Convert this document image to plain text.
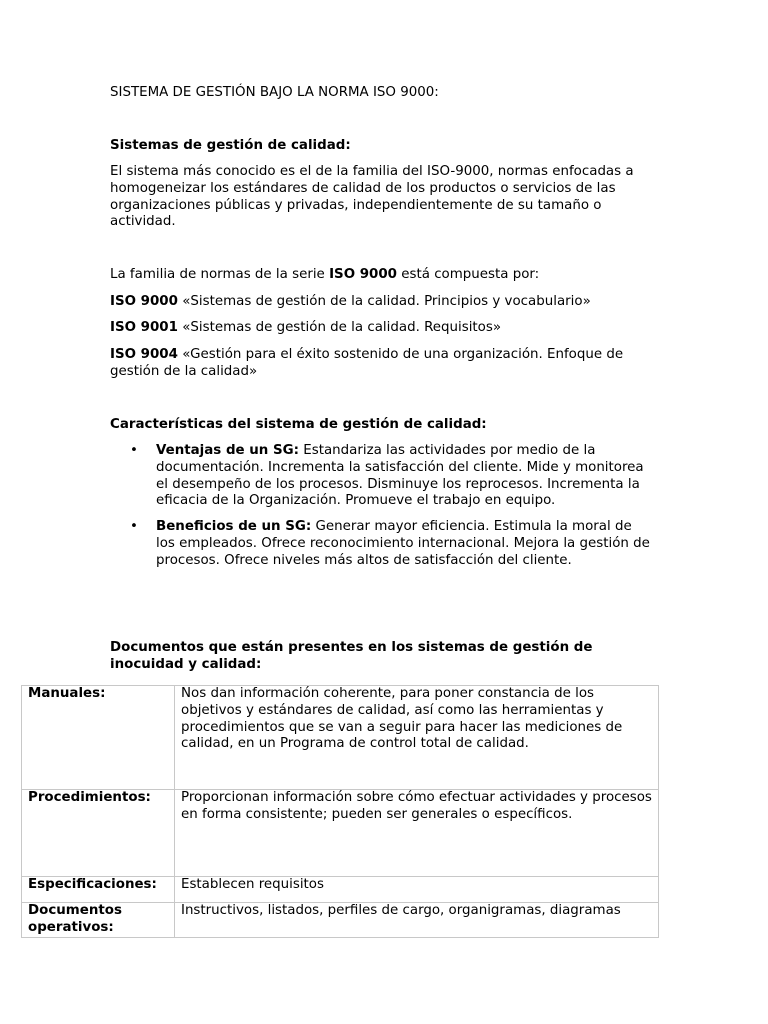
SISTEMA DE GESTIÓN BAJO LA NORMA ISO 9000:

Sistemas de gestión de calidad:

El sistema más conocido es el de la familia del ISO-9000, normas enfocadas a homogeneizar los estándares de calidad de los productos o servicios de las organizaciones públicas y privadas, independientemente de su tamaño o actividad.

La familia de normas de la serie ISO 9000 está compuesta por:

ISO 9000 «Sistemas de gestión de la calidad. Principios y vocabulario»

ISO 9001 «Sistemas de gestión de la calidad. Requisitos»

ISO 9004 «Gestión para el éxito sostenido de una organización. Enfoque de gestión de la calidad»

Características del sistema de gestión de calidad:

• Ventajas de un SG: Estandariza las actividades por medio de la documentación. Incrementa la satisfacción del cliente. Mide y monitorea el desempeño de los procesos. Disminuye los reprocesos. Incrementa la eficacia de la Organización. Promueve el trabajo en equipo.
• Beneficios de un SG: Generar mayor eficiencia. Estimula la moral de los empleados. Ofrece reconocimiento internacional. Mejora la gestión de procesos. Ofrece niveles más altos de satisfacción del cliente.

Documentos que están presentes en los sistemas de gestión de inocuidad y calidad:

Manuales:	Nos dan información coherente, para poner constancia de los objetivos y estándares de calidad, así como las herramientas y procedimientos que se van a seguir para hacer las mediciones de calidad, en un Programa de control total de calidad.
Procedimientos:	Proporcionan información sobre cómo efectuar actividades y procesos en forma consistente; pueden ser generales o específicos.
Especificaciones:	Establecen requisitos
Documentos operativos:	Instructivos, listados, perfiles de cargo, organigramas, diagramas
